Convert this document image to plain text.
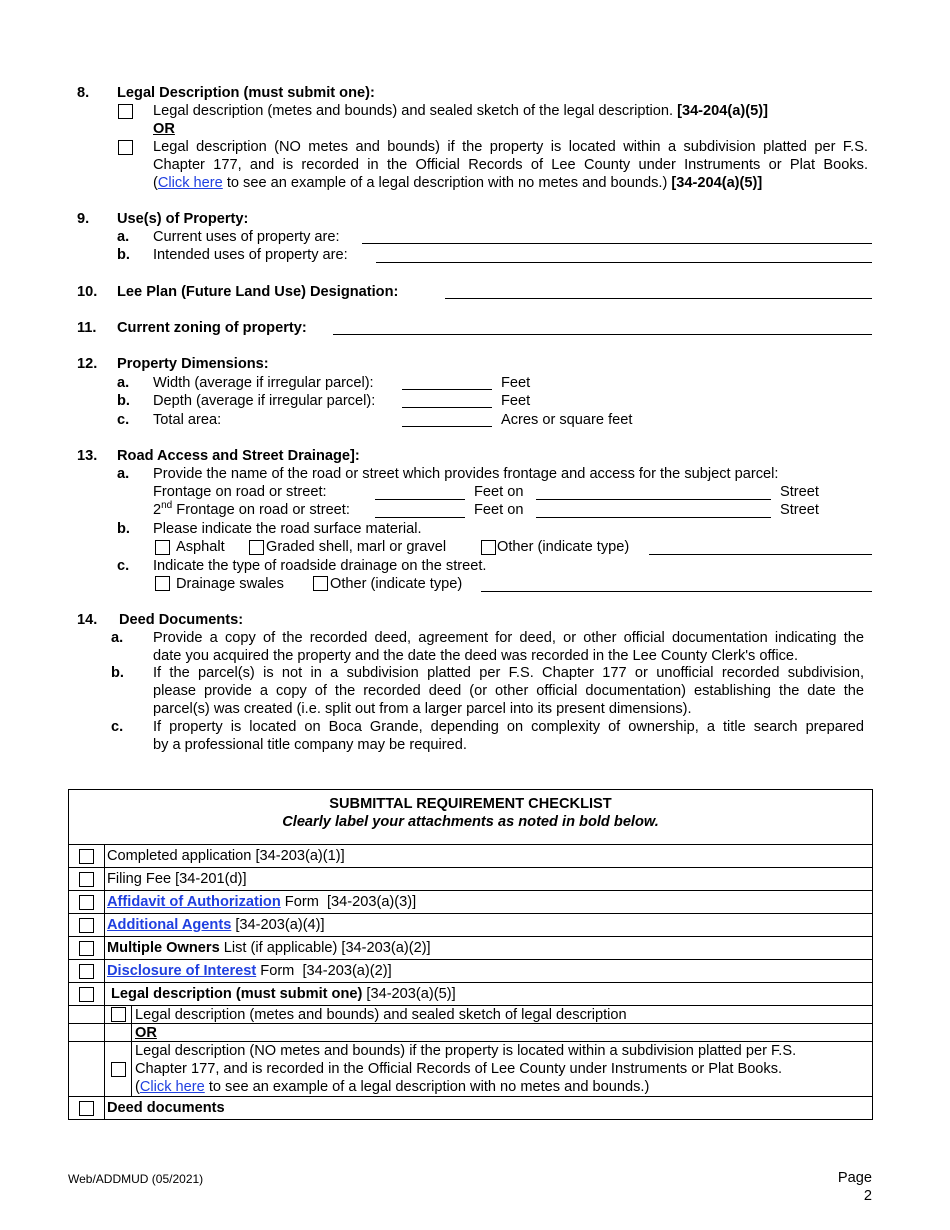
8. Legal Description (must submit one):
Legal description (metes and bounds) and sealed sketch of the legal description. [34-204(a)(5)]
OR
Legal description (NO metes and bounds) if the property is located within a subdivision platted per F.S.
Chapter 177, and is recorded in the Official Records of Lee County under Instruments or Plat Books.
(Click here to see an example of a legal description with no metes and bounds.) [34-204(a)(5)]
9. Use(s) of Property:
a. Current uses of property are:
b. Intended uses of property are:
10. Lee Plan (Future Land Use) Designation:
11. Current zoning of property:
12. Property Dimensions:
a. Width (average if irregular parcel):	Feet
b. Depth (average if irregular parcel):	Feet
c. Total area:	Acres or square feet
13. Road Access and Street Drainage]:
a. Provide the name of the road or street which provides frontage and access for the subject parcel:
Frontage on road or street:	Feet on	Street
2nd Frontage on road or street:	Feet on	Street
b. Please indicate the road surface material.
Asphalt	Graded shell, marl or gravel	Other (indicate type)
c. Indicate the type of roadside drainage on the street.
Drainage swales	Other (indicate type)
14. Deed Documents:
a. Provide a copy of the recorded deed, agreement for deed, or other official documentation indicating the
date you acquired the property and the date the deed was recorded in the Lee County Clerk's office.
b. If the parcel(s) is not in a subdivision platted per F.S. Chapter 177 or unofficial recorded subdivision,
please provide a copy of the recorded deed (or other official documentation) establishing the date the
parcel(s) was created (i.e. split out from a larger parcel into its present dimensions).
c. If property is located on Boca Grande, depending on complexity of ownership, a title search prepared
by a professional title company may be required.
SUBMITTAL REQUIREMENT CHECKLIST
Clearly label your attachments as noted in bold below.
Completed application [34-203(a)(1)]
Filing Fee [34-201(d)]
Affidavit of Authorization Form  [34-203(a)(3)]
Additional Agents [34-203(a)(4)]
Multiple Owners List (if applicable) [34-203(a)(2)]
Disclosure of Interest Form  [34-203(a)(2)]
Legal description (must submit one) [34-203(a)(5)]
Legal description (metes and bounds) and sealed sketch of legal description
OR
Legal description (NO metes and bounds) if the property is located within a subdivision platted per F.S.
Chapter 177, and is recorded in the Official Records of Lee County under Instruments or Plat Books.
(Click here to see an example of a legal description with no metes and bounds.)
Deed documents
Web/ADDMUD (05/2021)	Page 2
